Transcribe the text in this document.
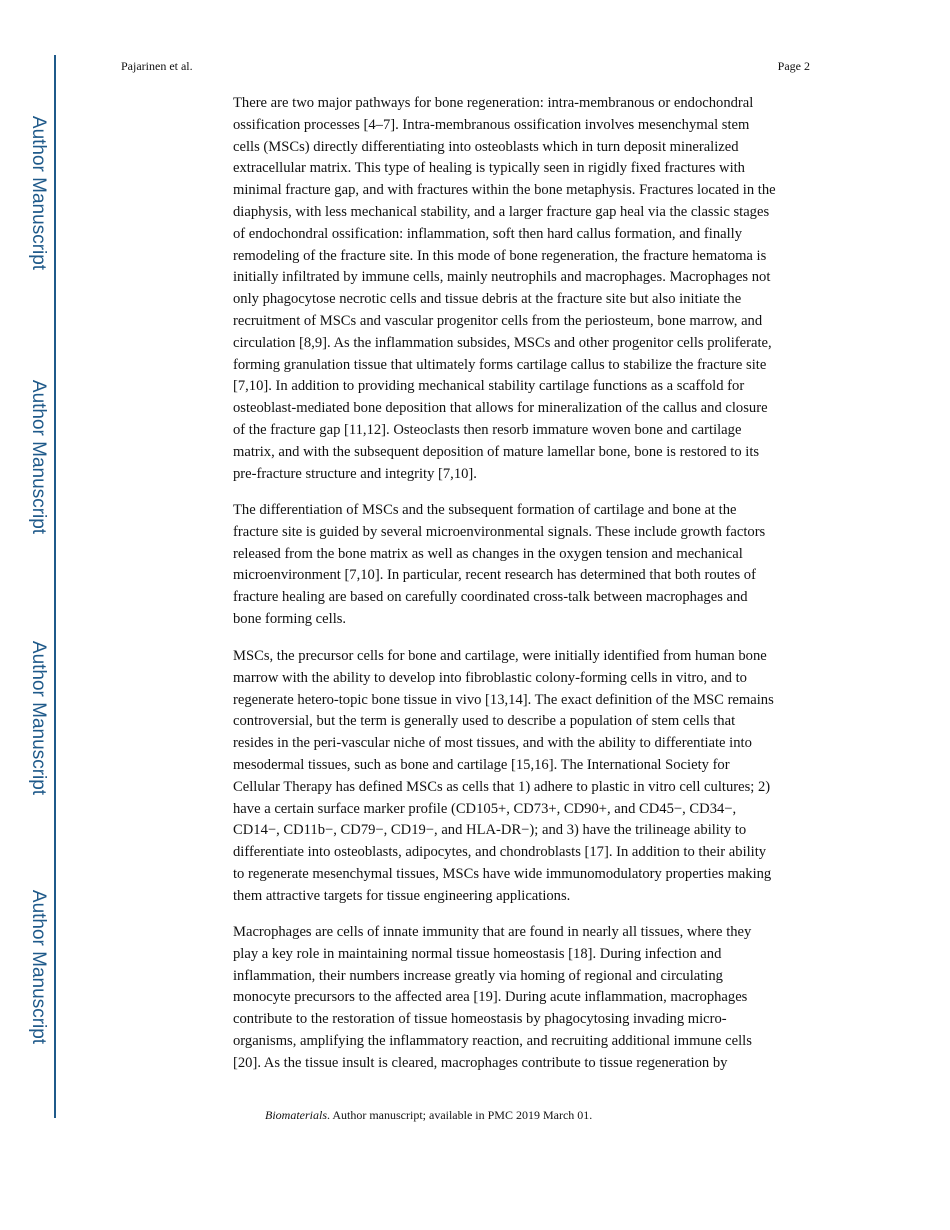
Author Manuscript
Author Manuscript
Author Manuscript
Author Manuscript
Pajarinen et al.	Page 2
There are two major pathways for bone regeneration: intra-membranous or endochondral
ossification processes [4–7]. Intra-membranous ossification involves mesenchymal stem
cells (MSCs) directly differentiating into osteoblasts which in turn deposit mineralized
extracellular matrix. This type of healing is typically seen in rigidly fixed fractures with
minimal fracture gap, and with fractures within the bone metaphysis. Fractures located in the
diaphysis, with less mechanical stability, and a larger fracture gap heal via the classic stages
of endochondral ossification: inflammation, soft then hard callus formation, and finally
remodeling of the fracture site. In this mode of bone regeneration, the fracture hematoma is
initially infiltrated by immune cells, mainly neutrophils and macrophages. Macrophages not
only phagocytose necrotic cells and tissue debris at the fracture site but also initiate the
recruitment of MSCs and vascular progenitor cells from the periosteum, bone marrow, and
circulation [8,9]. As the inflammation subsides, MSCs and other progenitor cells proliferate,
forming granulation tissue that ultimately forms cartilage callus to stabilize the fracture site
[7,10]. In addition to providing mechanical stability cartilage functions as a scaffold for
osteoblast-mediated bone deposition that allows for mineralization of the callus and closure
of the fracture gap [11,12]. Osteoclasts then resorb immature woven bone and cartilage
matrix, and with the subsequent deposition of mature lamellar bone, bone is restored to its
pre-fracture structure and integrity [7,10].
The differentiation of MSCs and the subsequent formation of cartilage and bone at the
fracture site is guided by several microenvironmental signals. These include growth factors
released from the bone matrix as well as changes in the oxygen tension and mechanical
microenvironment [7,10]. In particular, recent research has determined that both routes of
fracture healing are based on carefully coordinated cross-talk between macrophages and
bone forming cells.
MSCs, the precursor cells for bone and cartilage, were initially identified from human bone
marrow with the ability to develop into fibroblastic colony-forming cells in vitro, and to
regenerate hetero-topic bone tissue in vivo [13,14]. The exact definition of the MSC remains
controversial, but the term is generally used to describe a population of stem cells that
resides in the peri-vascular niche of most tissues, and with the ability to differentiate into
mesodermal tissues, such as bone and cartilage [15,16]. The International Society for
Cellular Therapy has defined MSCs as cells that 1) adhere to plastic in vitro cell cultures; 2)
have a certain surface marker profile (CD105+, CD73+, CD90+, and CD45−, CD34−,
CD14−, CD11b−, CD79−, CD19−, and HLA-DR−); and 3) have the trilineage ability to
differentiate into osteoblasts, adipocytes, and chondroblasts [17]. In addition to their ability
to regenerate mesenchymal tissues, MSCs have wide immunomodulatory properties making
them attractive targets for tissue engineering applications.
Macrophages are cells of innate immunity that are found in nearly all tissues, where they
play a key role in maintaining normal tissue homeostasis [18]. During infection and
inflammation, their numbers increase greatly via homing of regional and circulating
monocyte precursors to the affected area [19]. During acute inflammation, macrophages
contribute to the restoration of tissue homeostasis by phagocytosing invading micro-
organisms, amplifying the inflammatory reaction, and recruiting additional immune cells
[20]. As the tissue insult is cleared, macrophages contribute to tissue regeneration by
Biomaterials. Author manuscript; available in PMC 2019 March 01.
